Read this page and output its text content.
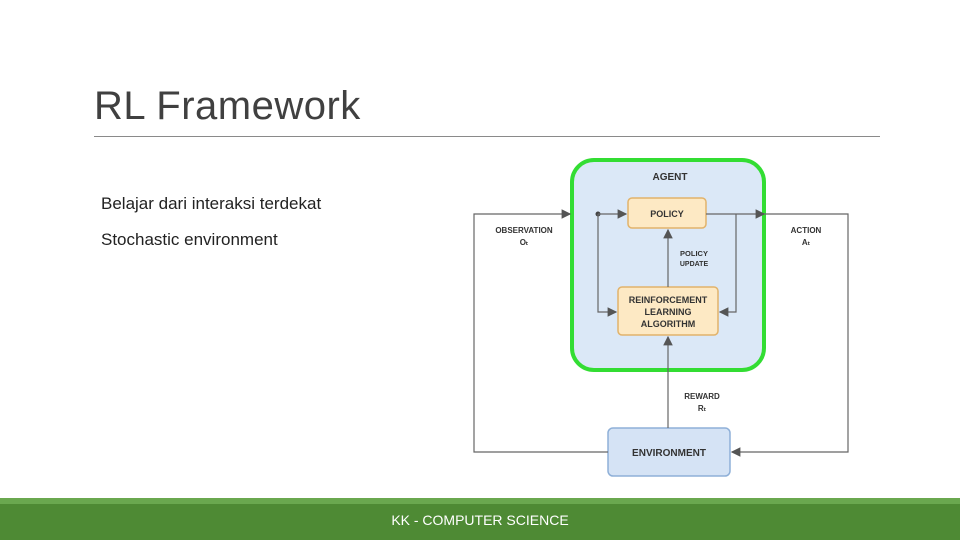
RL Framework
Belajar dari interaksi terdekat
Stochastic environment
AGENT
POLICY
REINFORCEMENT
LEARNING
ALGORITHM
POLICY
UPDATE
ENVIRONMENT
REWARD
Rₜ
OBSERVATION
Oₜ
ACTION
Aₜ
KK - COMPUTER SCIENCE
